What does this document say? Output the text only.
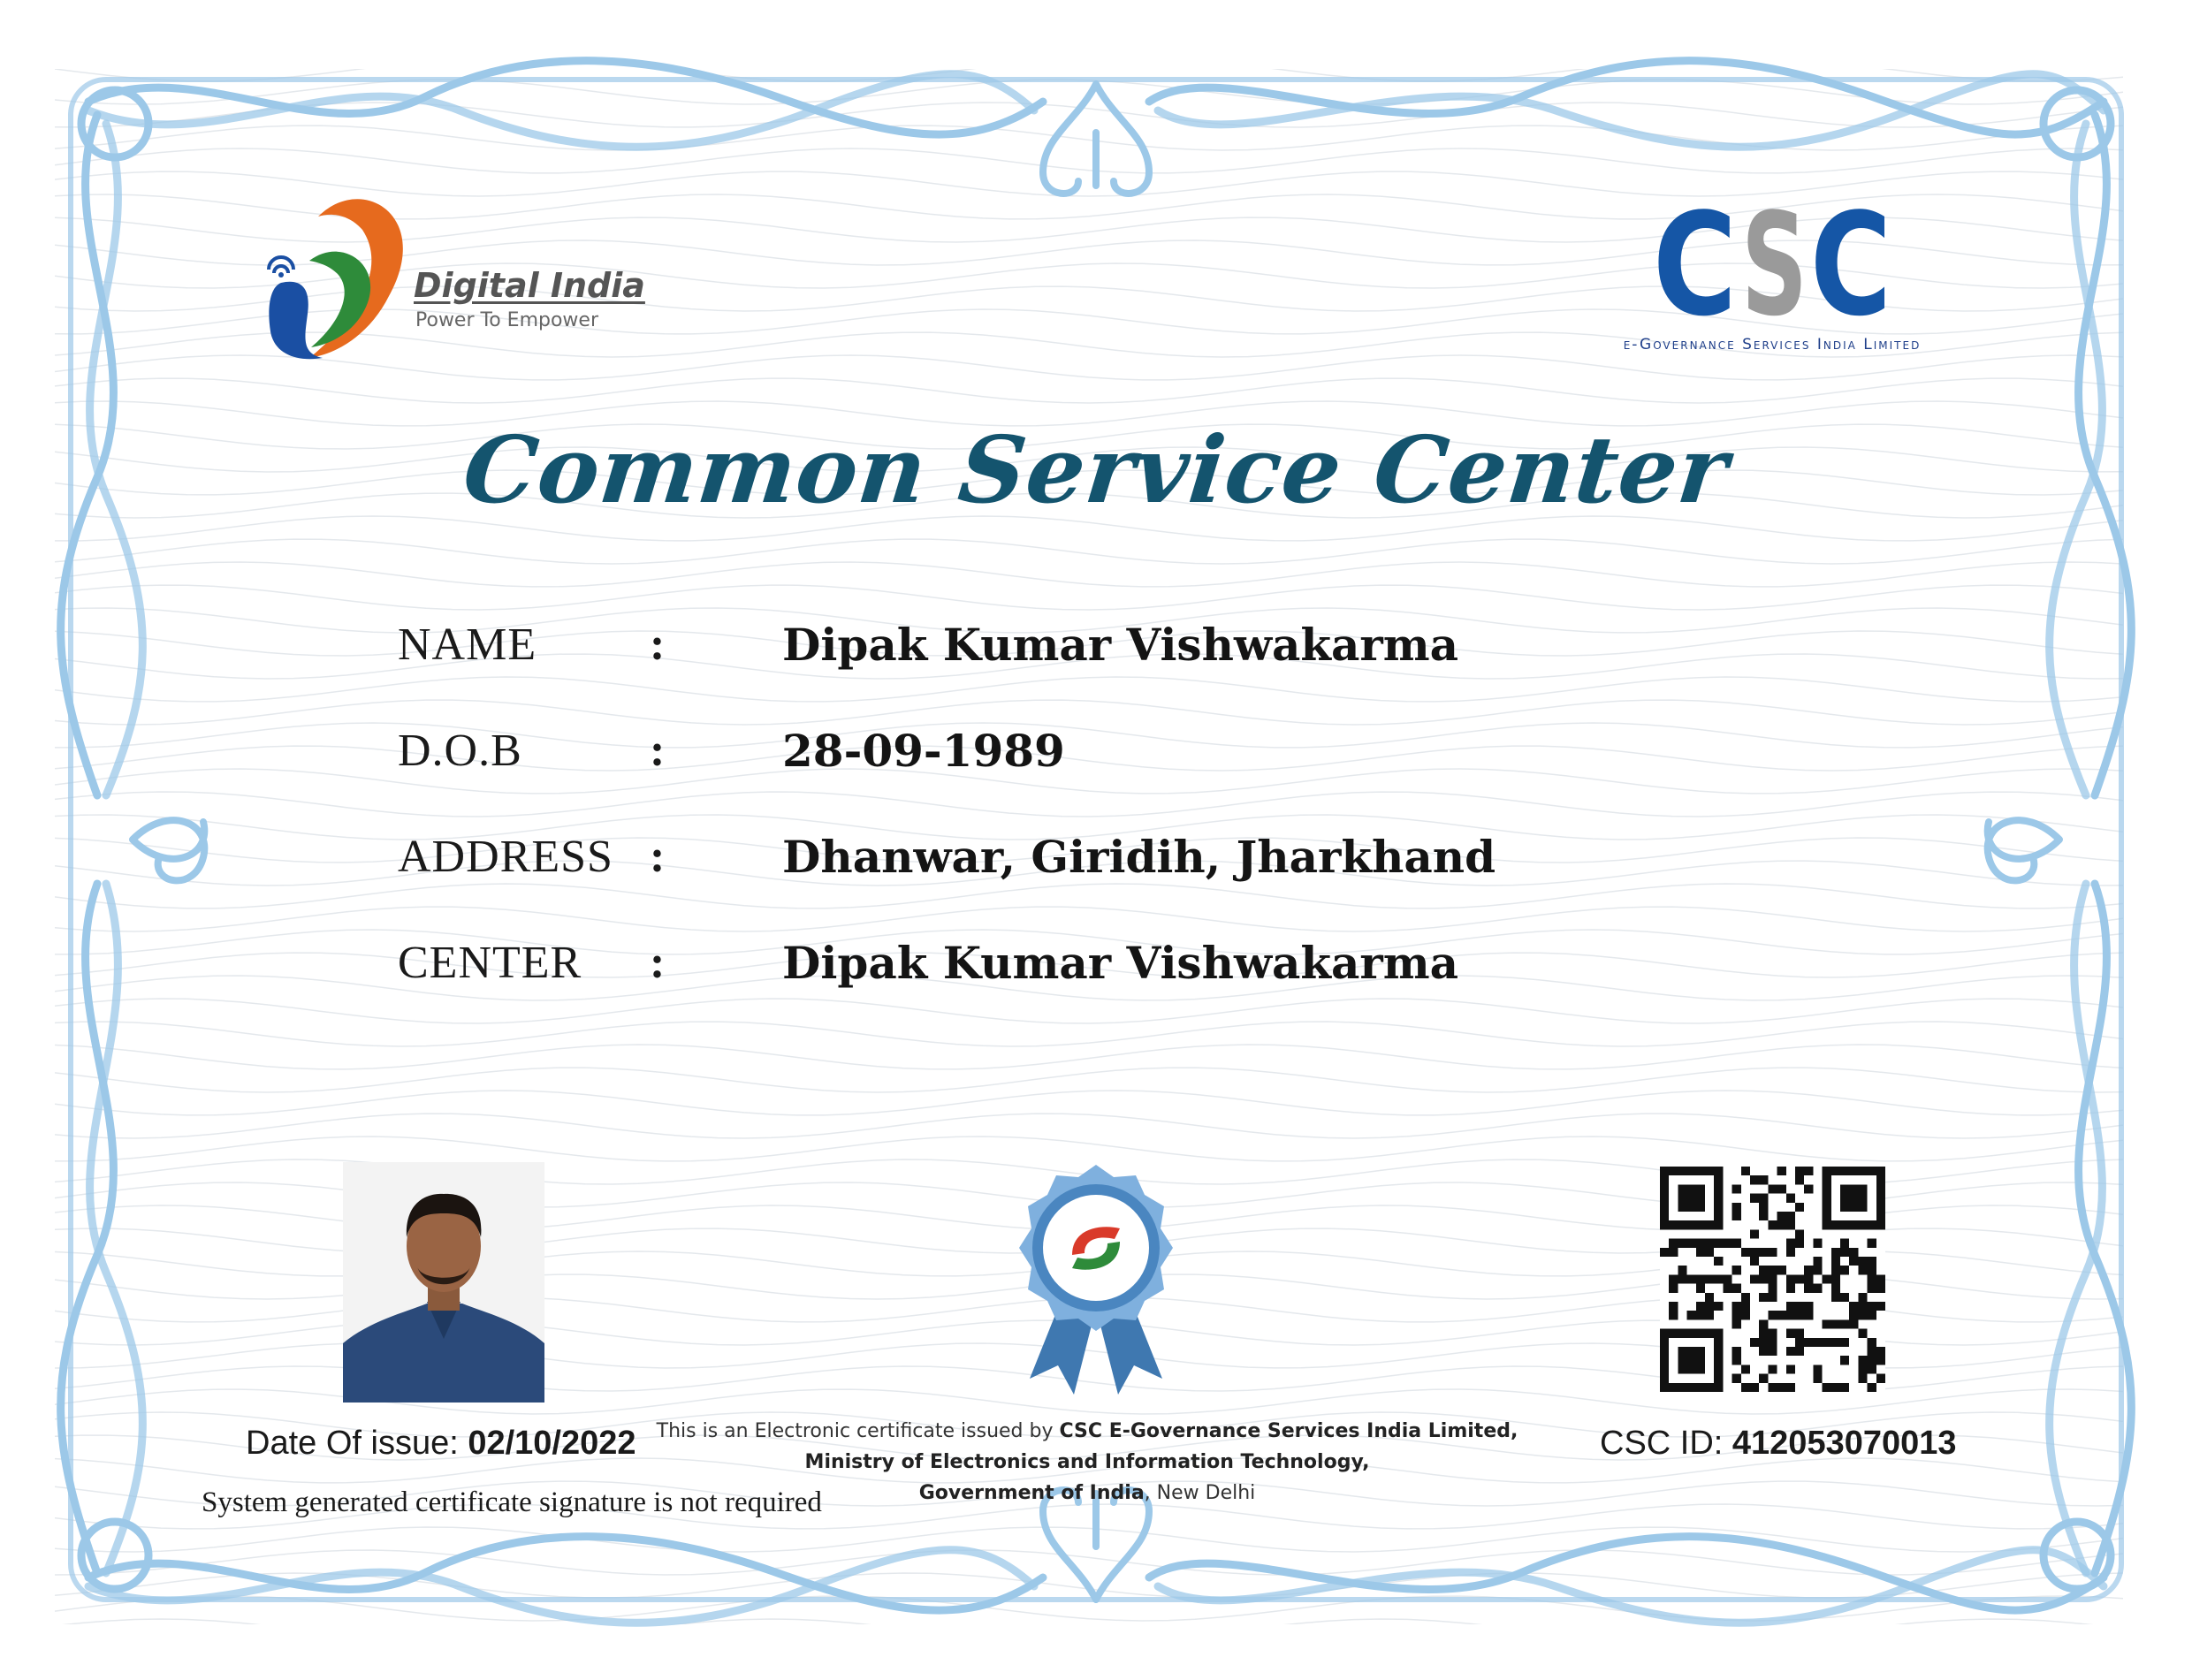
Digital India

Power To Empower	C S C

e-Governance Services India Limited

Common Service Center
NAME :	Dipak Kumar Vishwakarma
D.O.B	:	28-09-1989
ADDRESS :	Dhanwar, Giridih, Jharkhand
CENTER :	Dipak Kumar Vishwakarma

Date Of issue: 02/10/2022

System generated certificate signature is not required

This is an Electronic certificate issued by CSC E-Governance Services India Limited,
Ministry of Electronics and Information Technology,
Government of India, New Delhi

CSC ID: 412053070013
